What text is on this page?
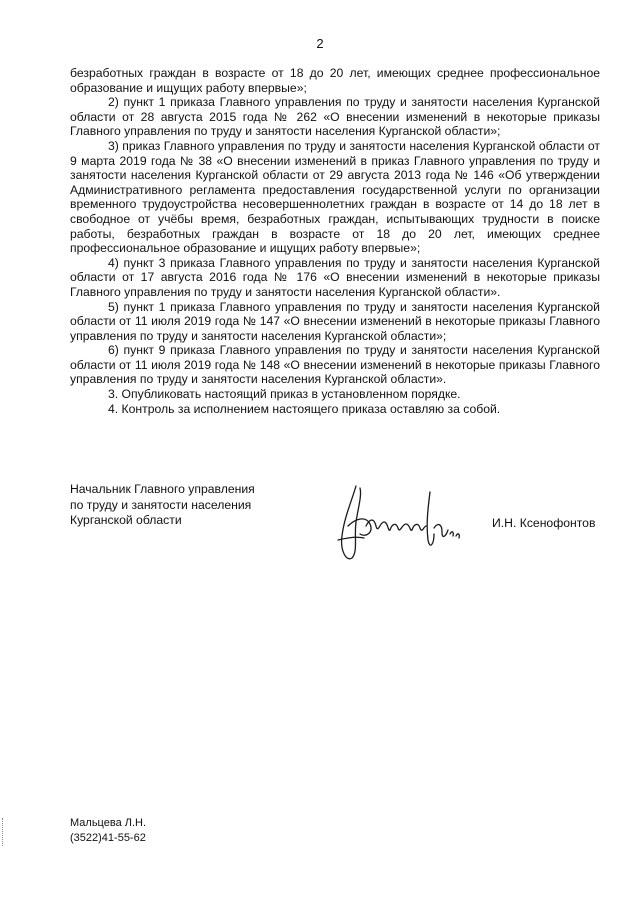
2

безработных граждан в возрасте от 18 до 20 лет, имеющих среднее профессиональное образование и ищущих работу впервые»;

2) пункт 1 приказа Главного управления по труду и занятости населения Курганской области от 28 августа 2015 года № 262 «О внесении изменений в некоторые приказы Главного управления по труду и занятости населения Курганской области»;

3) приказ Главного управления по труду и занятости населения Курганской области от 9 марта 2019 года № 38 «О внесении изменений в приказ Главного управления по труду и занятости населения Курганской области от 29 августа 2013 года № 146 «Об утверждении Административного регламента предоставления государственной услуги по организации временного трудоустройства несовершеннолетних граждан в возрасте от 14 до 18 лет в свободное от учёбы время, безработных граждан, испытывающих трудности в поиске работы, безработных граждан в возрасте от 18 до 20 лет, имеющих среднее профессиональное образование и ищущих работу впервые»;

4) пункт 3 приказа Главного управления по труду и занятости населения Курганской области от 17 августа 2016 года № 176 «О внесении изменений в некоторые приказы Главного управления по труду и занятости населения Курганской области».

5) пункт 1 приказа Главного управления по труду и занятости населения Курганской области от 11 июля 2019 года № 147 «О внесении изменений в некоторые приказы Главного управления по труду и занятости населения Курганской области»;

6) пункт 9 приказа Главного управления по труду и занятости населения Курганской области от 11 июля 2019 года № 148 «О внесении изменений в некоторые приказы Главного управления по труду и занятости населения Курганской области».

3. Опубликовать настоящий приказ в установленном порядке.

4. Контроль за исполнением настоящего приказа оставляю за собой.

Начальник Главного управления
по труду и занятости населения
Курганской области	И.Н. Ксенофонтов
Мальцева Л.Н.
(3522)41-55-62
